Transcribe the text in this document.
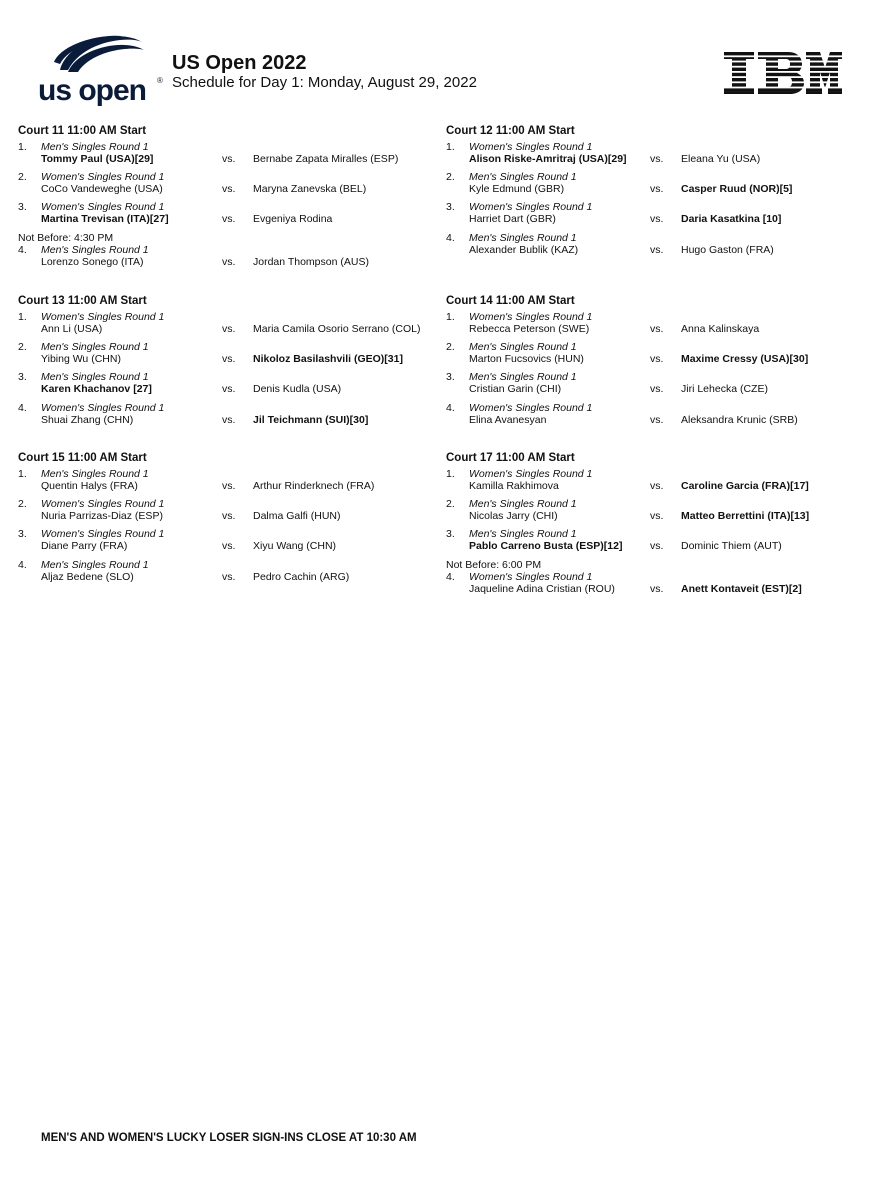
us open ®
US Open 2022
Schedule for Day 1: Monday, August 29, 2022
Court 11 11:00 AM Start
1. Men's Singles Round 1
Tommy Paul (USA)[29]	vs. Bernabe Zapata Miralles (ESP)
2. Women's Singles Round 1
CoCo Vandeweghe (USA)	vs. Maryna Zanevska (BEL)
3. Women's Singles Round 1
Martina Trevisan (ITA)[27]	vs. Evgeniya Rodina
Not Before: 4:30 PM
4. Men's Singles Round 1
Lorenzo Sonego (ITA)	vs. Jordan Thompson (AUS)
Court 12 11:00 AM Start
1. Women's Singles Round 1
Alison Riske-Amritraj (USA)[29] vs. Eleana Yu (USA)
2. Men's Singles Round 1
Kyle Edmund (GBR)	vs. Casper Ruud (NOR)[5]
3. Women's Singles Round 1
Harriet Dart (GBR)	vs. Daria Kasatkina [10]
4. Men's Singles Round 1
Alexander Bublik (KAZ)	vs. Hugo Gaston (FRA)
Court 13 11:00 AM Start
1. Women's Singles Round 1
Ann Li (USA)	vs. Maria Camila Osorio Serrano (COL)
2. Men's Singles Round 1
Yibing Wu (CHN)	vs. Nikoloz Basilashvili (GEO)[31]
3. Men's Singles Round 1
Karen Khachanov [27]	vs. Denis Kudla (USA)
4. Women's Singles Round 1
Shuai Zhang (CHN)	vs. Jil Teichmann (SUI)[30]
Court 14 11:00 AM Start
1. Women's Singles Round 1
Rebecca Peterson (SWE)	vs. Anna Kalinskaya
2. Men's Singles Round 1
Marton Fucsovics (HUN)	vs. Maxime Cressy (USA)[30]
3. Men's Singles Round 1
Cristian Garin (CHI)	vs. Jiri Lehecka (CZE)
4. Women's Singles Round 1
Elina Avanesyan	vs. Aleksandra Krunic (SRB)
Court 15 11:00 AM Start
1. Men's Singles Round 1
Quentin Halys (FRA)	vs. Arthur Rinderknech (FRA)
2. Women's Singles Round 1
Nuria Parrizas-Diaz (ESP)	vs. Dalma Galfi (HUN)
3. Women's Singles Round 1
Diane Parry (FRA)	vs. Xiyu Wang (CHN)
4. Men's Singles Round 1
Aljaz Bedene (SLO)	vs. Pedro Cachin (ARG)
Court 17 11:00 AM Start
1. Women's Singles Round 1
Kamilla Rakhimova	vs. Caroline Garcia (FRA)[17]
2. Men's Singles Round 1
Nicolas Jarry (CHI)	vs. Matteo Berrettini (ITA)[13]
3. Men's Singles Round 1
Pablo Carreno Busta (ESP)[12]	vs. Dominic Thiem (AUT)
Not Before: 6:00 PM
4. Women's Singles Round 1
Jaqueline Adina Cristian (ROU)	vs. Anett Kontaveit (EST)[2]
MEN'S AND WOMEN'S LUCKY LOSER SIGN-INS CLOSE AT 10:30 AM
